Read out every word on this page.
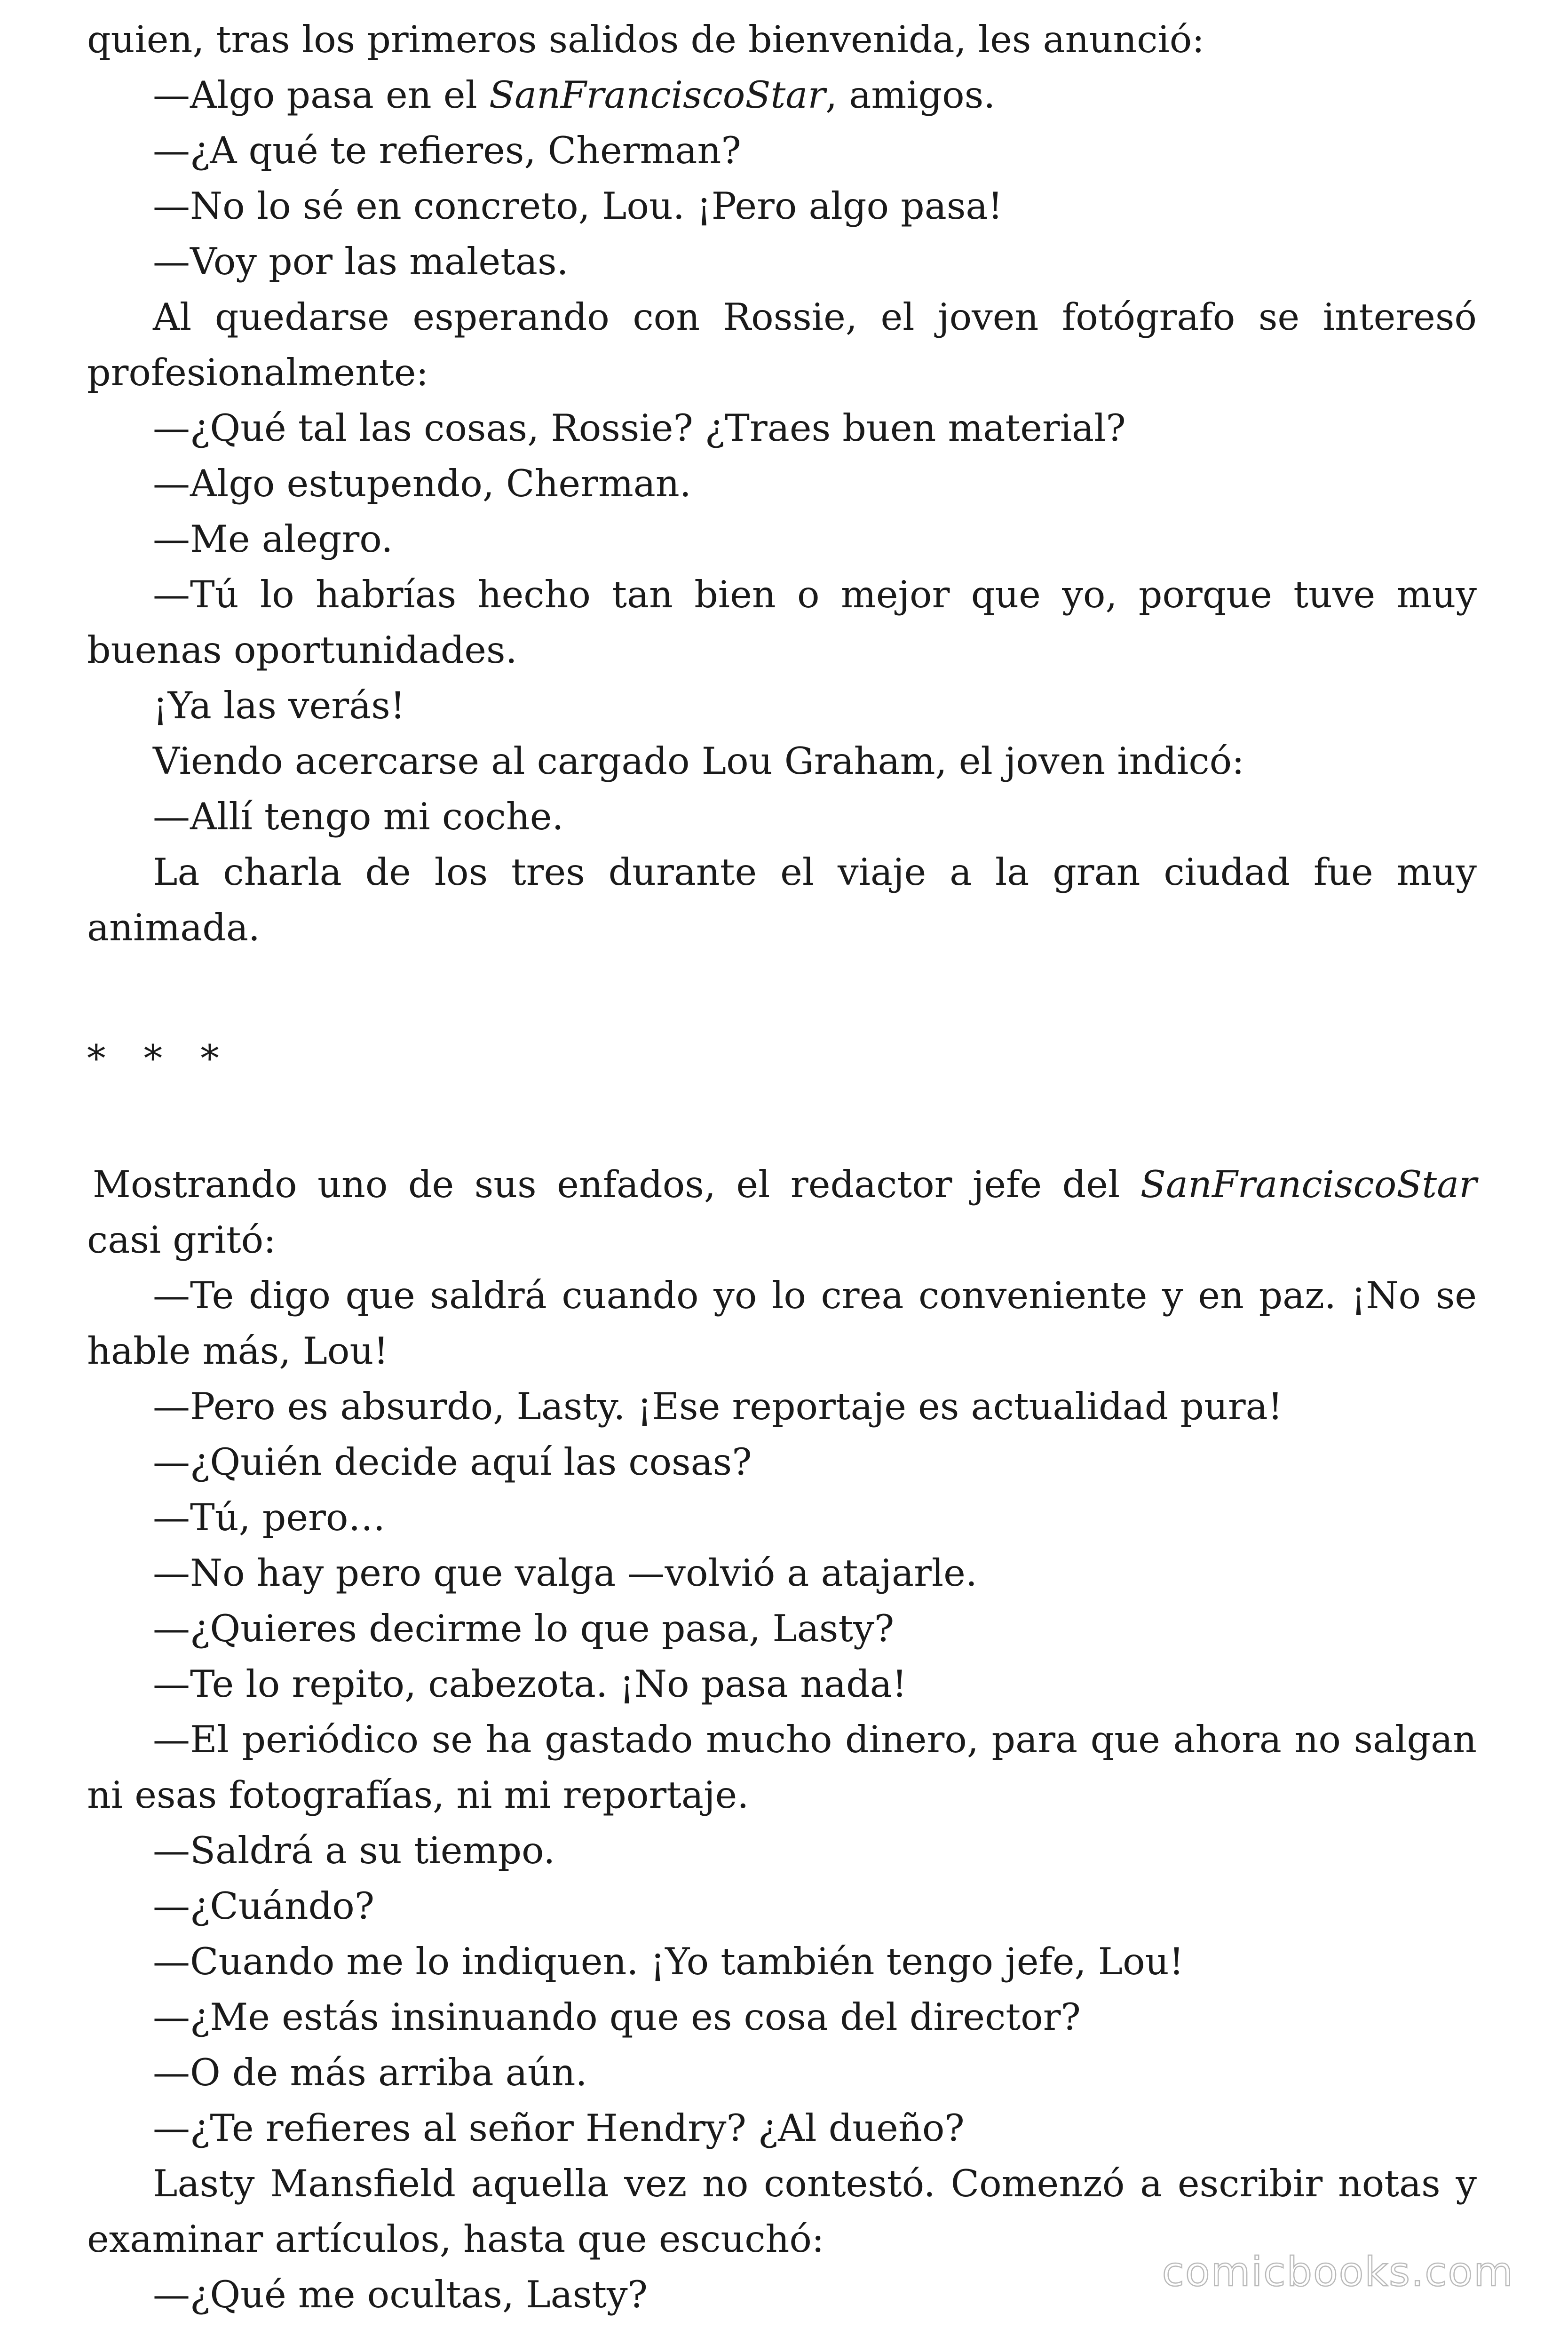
quien, tras los primeros salidos de bienvenida, les anunció:

—Algo pasa en el SanFranciscoStar, amigos.

—¿A qué te refieres, Cherman?

—No lo sé en concreto, Lou. ¡Pero algo pasa!

—Voy por las maletas.

Al quedarse esperando con Rossie, el joven fotógrafo se interesó profesionalmente:

—¿Qué tal las cosas, Rossie? ¿Traes buen material?

—Algo estupendo, Cherman.

—Me alegro.

—Tú lo habrías hecho tan bien o mejor que yo, porque tuve muy buenas oportunidades.

¡Ya las verás!

Viendo acercarse al cargado Lou Graham, el joven indicó:

—Allí tengo mi coche.

La charla de los tres durante el viaje a la gran ciudad fue muy animada.

* * *

Mostrando uno de sus enfados, el redactor jefe del SanFranciscoStar casi gritó:

—Te digo que saldrá cuando yo lo crea conveniente y en paz. ¡No se hable más, Lou!

—Pero es absurdo, Lasty. ¡Ese reportaje es actualidad pura!

—¿Quién decide aquí las cosas?

—Tú, pero…

—No hay pero que valga —volvió a atajarle.

—¿Quieres decirme lo que pasa, Lasty?

—Te lo repito, cabezota. ¡No pasa nada!

—El periódico se ha gastado mucho dinero, para que ahora no salgan ni esas fotografías, ni mi reportaje.

—Saldrá a su tiempo.

—¿Cuándo?

—Cuando me lo indiquen. ¡Yo también tengo jefe, Lou!

—¿Me estás insinuando que es cosa del director?

—O de más arriba aún.

—¿Te refieres al señor Hendry? ¿Al dueño?

Lasty Mansfield aquella vez no contestó. Comenzó a escribir notas y examinar artículos, hasta que escuchó:

—¿Qué me ocultas, Lasty?	comicbooks.com
